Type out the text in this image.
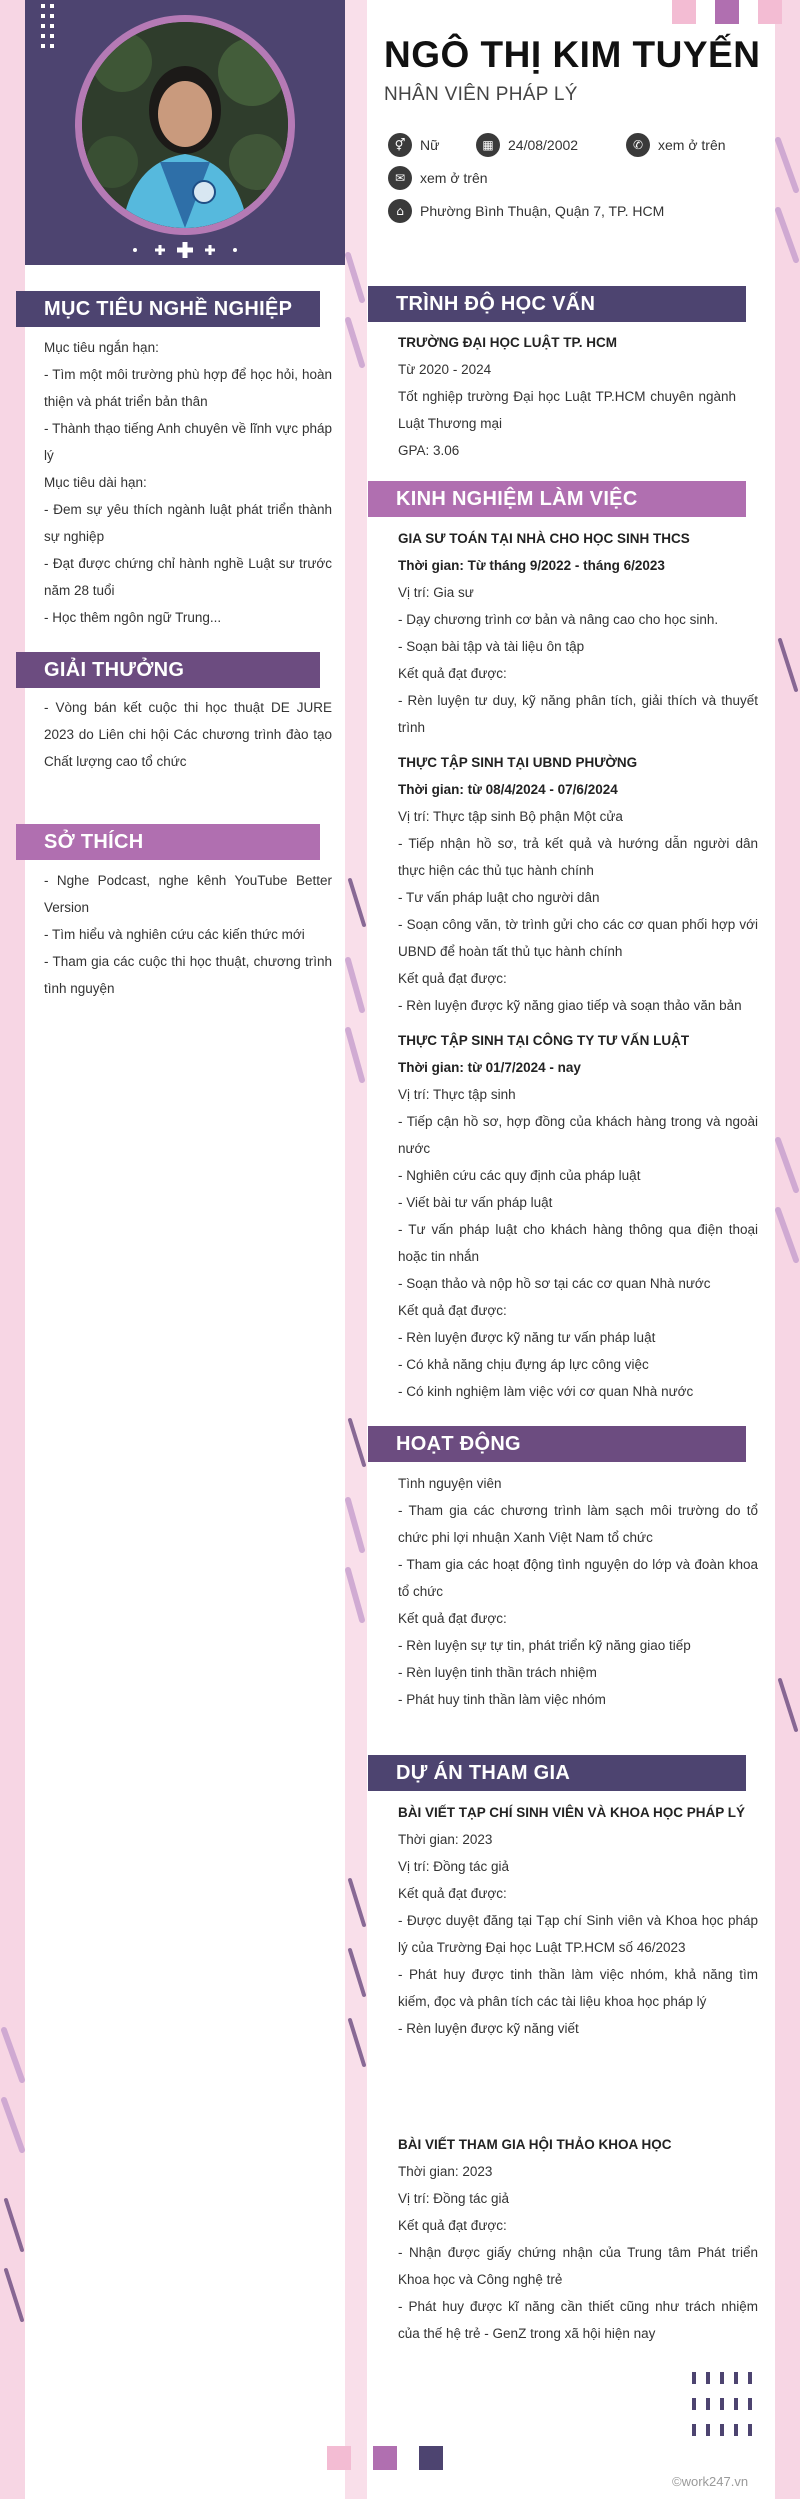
NGÔ THỊ KIM TUYẾN
NHÂN VIÊN PHÁP LÝ
⚥	Nữ	▦	24/08/2002	✆	xem ở trên
✉	xem ở trên
⌂	Phường Bình Thuận, Quận 7, TP. HCM
MỤC TIÊU NGHỀ NGHIỆP

Mục tiêu ngắn hạn:

- Tìm một môi trường phù hợp để học hỏi, hoàn thiện và phát triển bản thân

- Thành thạo tiếng Anh chuyên về lĩnh vực pháp lý

Mục tiêu dài hạn:

- Đem sự yêu thích ngành luật phát triển thành sự nghiệp

- Đạt được chứng chỉ hành nghề Luật sư trước năm 28 tuổi

- Học thêm ngôn ngữ Trung...

GIẢI THƯỞNG

- Vòng bán kết cuộc thi học thuật DE JURE 2023 do Liên chi hội Các chương trình đào tạo Chất lượng cao tổ chức

SỞ THÍCH

- Nghe Podcast, nghe kênh YouTube Better Version

- Tìm hiểu và nghiên cứu các kiến thức mới

- Tham gia các cuộc thi học thuật, chương trình tình nguyện

TRÌNH ĐỘ HỌC VẤN

TRƯỜNG ĐẠI HỌC LUẬT TP. HCM

Từ 2020 - 2024

Tốt nghiệp trường Đại học Luật TP.HCM chuyên ngành Luật Thương mại

GPA: 3.06

KINH NGHIỆM LÀM VIỆC

GIA SƯ TOÁN TẠI NHÀ CHO HỌC SINH THCS

Thời gian: Từ tháng 9/2022 - tháng 6/2023

Vị trí: Gia sư

- Dạy chương trình cơ bản và nâng cao cho học sinh.

- Soạn bài tập và tài liệu ôn tập

Kết quả đạt được:

- Rèn luyện tư duy, kỹ năng phân tích, giải thích và thuyết trình

THỰC TẬP SINH TẠI UBND PHƯỜNG

Thời gian: từ 08/4/2024 - 07/6/2024

Vị trí: Thực tập sinh Bộ phận Một cửa

- Tiếp nhận hồ sơ, trả kết quả và hướng dẫn người dân thực hiện các thủ tục hành chính

- Tư vấn pháp luật cho người dân

- Soạn công văn, tờ trình gửi cho các cơ quan phối hợp với UBND để hoàn tất thủ tục hành chính

Kết quả đạt được:

- Rèn luyện được kỹ năng giao tiếp và soạn thảo văn bản

THỰC TẬP SINH TẠI CÔNG TY TƯ VẤN LUẬT

Thời gian: từ 01/7/2024 - nay

Vị trí: Thực tập sinh

- Tiếp cận hồ sơ, hợp đồng của khách hàng trong và ngoài nước

- Nghiên cứu các quy định của pháp luật

- Viết bài tư vấn pháp luật

- Tư vấn pháp luật cho khách hàng thông qua điện thoại hoặc tin nhắn

- Soạn thảo và nộp hồ sơ tại các cơ quan Nhà nước

Kết quả đạt được:

- Rèn luyện được kỹ năng tư vấn pháp luật

- Có khả năng chịu đựng áp lực công việc

- Có kinh nghiệm làm việc với cơ quan Nhà nước

HOẠT ĐỘNG

Tình nguyện viên

- Tham gia các chương trình làm sạch môi trường do tổ chức phi lợi nhuận Xanh Việt Nam tổ chức

- Tham gia các hoạt động tình nguyện do lớp và đoàn khoa tổ chức

Kết quả đạt được:

- Rèn luyện sự tự tin, phát triển kỹ năng giao tiếp

- Rèn luyện tinh thần trách nhiệm

- Phát huy tinh thần làm việc nhóm

DỰ ÁN THAM GIA

BÀI VIẾT TẠP CHÍ SINH VIÊN VÀ KHOA HỌC PHÁP LÝ

Thời gian: 2023

Vị trí: Đồng tác giả

Kết quả đạt được:

- Được duyệt đăng tại Tạp chí Sinh viên và Khoa học pháp lý của Trường Đại học Luật TP.HCM số 46/2023

- Phát huy được tinh thần làm việc nhóm, khả năng tìm kiếm, đọc và phân tích các tài liệu khoa học pháp lý

- Rèn luyện được kỹ năng viết

BÀI VIẾT THAM GIA HỘI THẢO KHOA HỌC

Thời gian: 2023

Vị trí: Đồng tác giả

Kết quả đạt được:

- Nhận được giấy chứng nhận của Trung tâm Phát triển Khoa học và Công nghệ trẻ

- Phát huy được kĩ năng cần thiết cũng như trách nhiệm của thế hệ trẻ - GenZ trong xã hội hiện nay

©work247.vn
